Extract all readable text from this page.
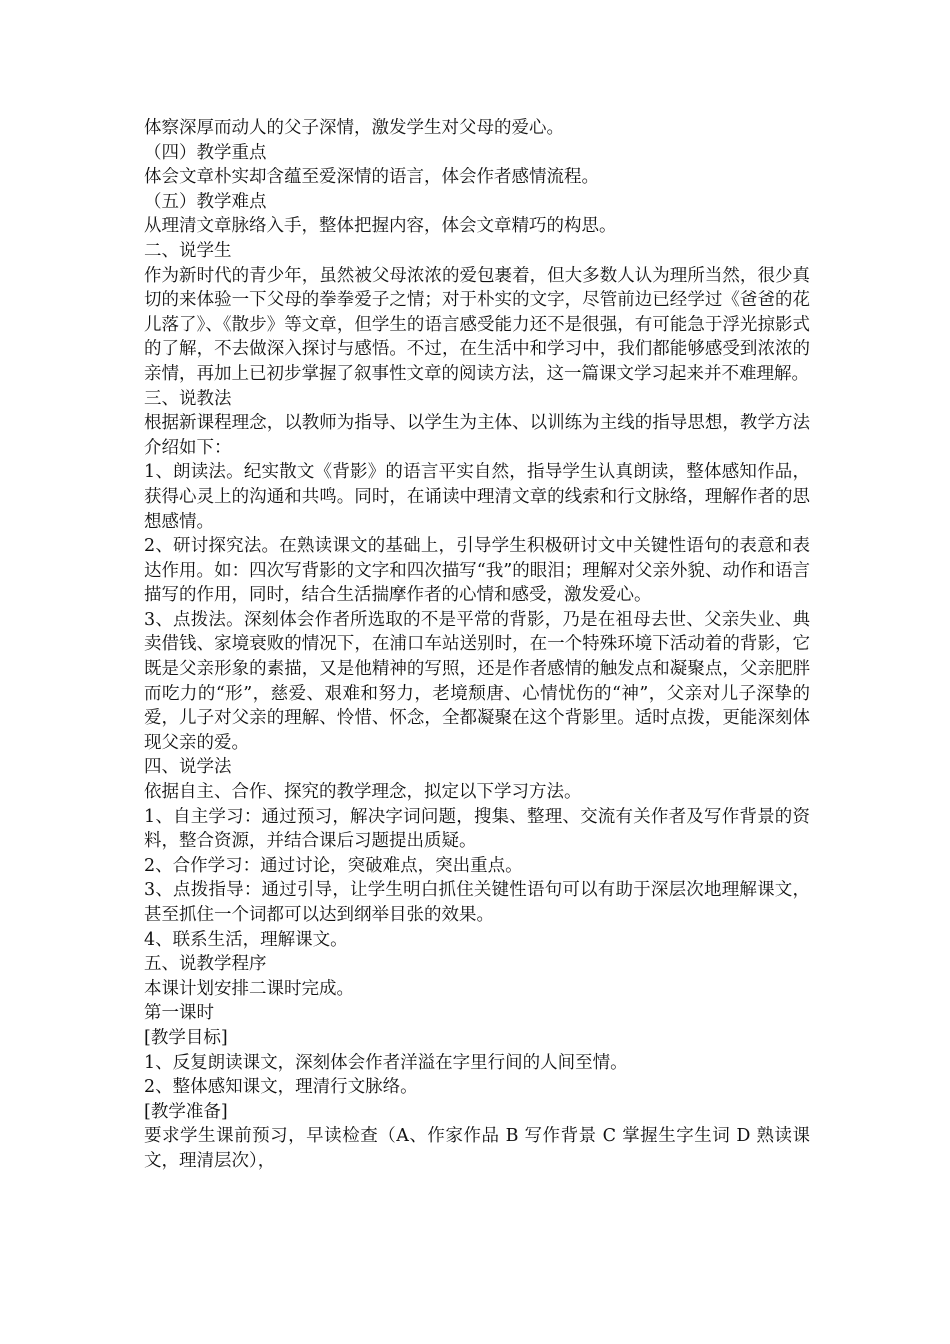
体察深厚而动人的父子深情，激发学生对父母的爱心。

（四）教学重点

体会文章朴实却含蕴至爱深情的语言，体会作者感情流程。

（五）教学难点

从理清文章脉络入手，整体把握内容，体会文章精巧的构思。

二、说学生

作为新时代的青少年，虽然被父母浓浓的爱包裹着，但大多数人认为理所当然，很少真切的来体验一下父母的拳拳爱子之情；对于朴实的文字，尽管前边已经学过《爸爸的花儿落了》、《散步》等文章，但学生的语言感受能力还不是很强，有可能急于浮光掠影式的了解，不去做深入探讨与感悟。不过，在生活中和学习中，我们都能够感受到浓浓的亲情，再加上已初步掌握了叙事性文章的阅读方法，这一篇课文学习起来并不难理解。

三、说教法

根据新课程理念，以教师为指导、以学生为主体、以训练为主线的指导思想，教学方法介绍如下：

1、朗读法。纪实散文《背影》的语言平实自然，指导学生认真朗读，整体感知作品，获得心灵上的沟通和共鸣。同时，在诵读中理清文章的线索和行文脉络，理解作者的思想感情。

2、研讨探究法。在熟读课文的基础上，引导学生积极研讨文中关键性语句的表意和表达作用。如：四次写背影的文字和四次描写“我”的眼泪；理解对父亲外貌、动作和语言描写的作用，同时，结合生活揣摩作者的心情和感受，激发爱心。

3、点拨法。深刻体会作者所选取的不是平常的背影，乃是在祖母去世、父亲失业、典卖借钱、家境衰败的情况下，在浦口车站送别时，在一个特殊环境下活动着的背影，它既是父亲形象的素描，又是他精神的写照，还是作者感情的触发点和凝聚点，父亲肥胖而吃力的“形”，慈爱、艰难和努力，老境颓唐、心情忧伤的“神”，父亲对儿子深挚的爱，儿子对父亲的理解、怜惜、怀念，全都凝聚在这个背影里。适时点拨，更能深刻体现父亲的爱。

四、说学法

依据自主、合作、探究的教学理念，拟定以下学习方法。

1、自主学习：通过预习，解决字词问题，搜集、整理、交流有关作者及写作背景的资料，整合资源，并结合课后习题提出质疑。

2、合作学习：通过讨论，突破难点，突出重点。

3、点拨指导：通过引导，让学生明白抓住关键性语句可以有助于深层次地理解课文，甚至抓住一个词都可以达到纲举目张的效果。

4、联系生活，理解课文。

五、说教学程序

本课计划安排二课时完成。

第一课时

[教学目标]

1、反复朗读课文，深刻体会作者洋溢在字里行间的人间至情。

2、整体感知课文，理清行文脉络。

[教学准备]

要求学生课前预习，早读检查（A、作家作品 B 写作背景 C 掌握生字生词 D 熟读课文，理清层次），
